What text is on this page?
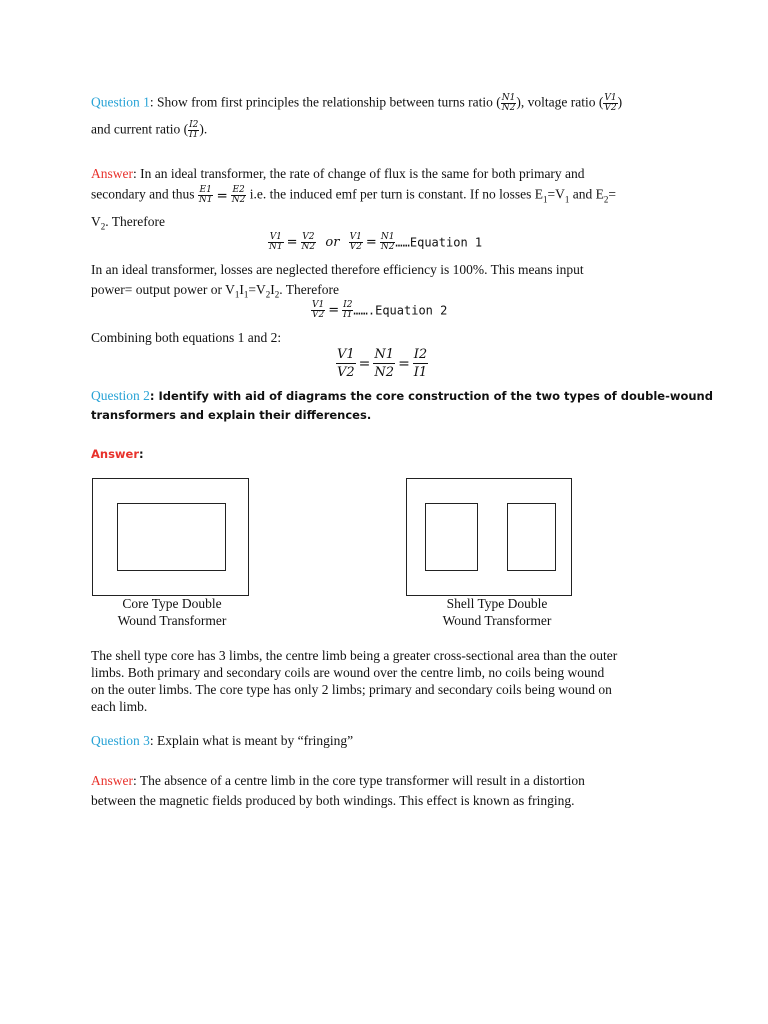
Question 1: Show from first principles the relationship between turns ratio ( $\frac{N1}{N2}$ ), voltage ratio ( $\frac{V1}{V2}$ )
and current ratio ( $\frac{I2}{I1}$ ).
Answer: In an ideal transformer, the rate of change of flux is the same for both primary and
secondary and thus $\frac{E1}{N1} = \frac{E2}{N2} i.e$. the induced emf per turn is constant. If no losses $E_1=V_1$ and $E_2=$
$V_2$. Therefore
$\frac{V1}{N1} = \frac{V2}{N2}$ or $\frac{V1}{V2} = \frac{N1}{N2}$ ……Equation 1
In an ideal transformer, losses are neglected therefore efficiency is 100%. This means input
power= output power or $V_1I_1=V_2I_2$. Therefore
$\frac{V1}{V2} = \frac{I2}{I1}$ …….Equation 2
Combining both equations 1 and 2:
$\frac{V1}{V2} = \frac{N1}{N2} = \frac{I2}{I1}$
Question 2: Identify with aid of diagrams the core construction of the two types of double-wound
transformers and explain their differences.
Answer:
Core Type Double
Wound Transformer
Shell Type Double
Wound Transformer
The shell type core has 3 limbs, the centre limb being a greater cross-sectional area than the outer
limbs. Both primary and secondary coils are wound over the centre limb, no coils being wound
on the outer limbs. The core type has only 2 limbs; primary and secondary coils being wound on
each limb.
Question 3: Explain what is meant by “fringing”
Answer: The absence of a centre limb in the core type transformer will result in a distortion
between the magnetic fields produced by both windings. This effect is known as fringing.
